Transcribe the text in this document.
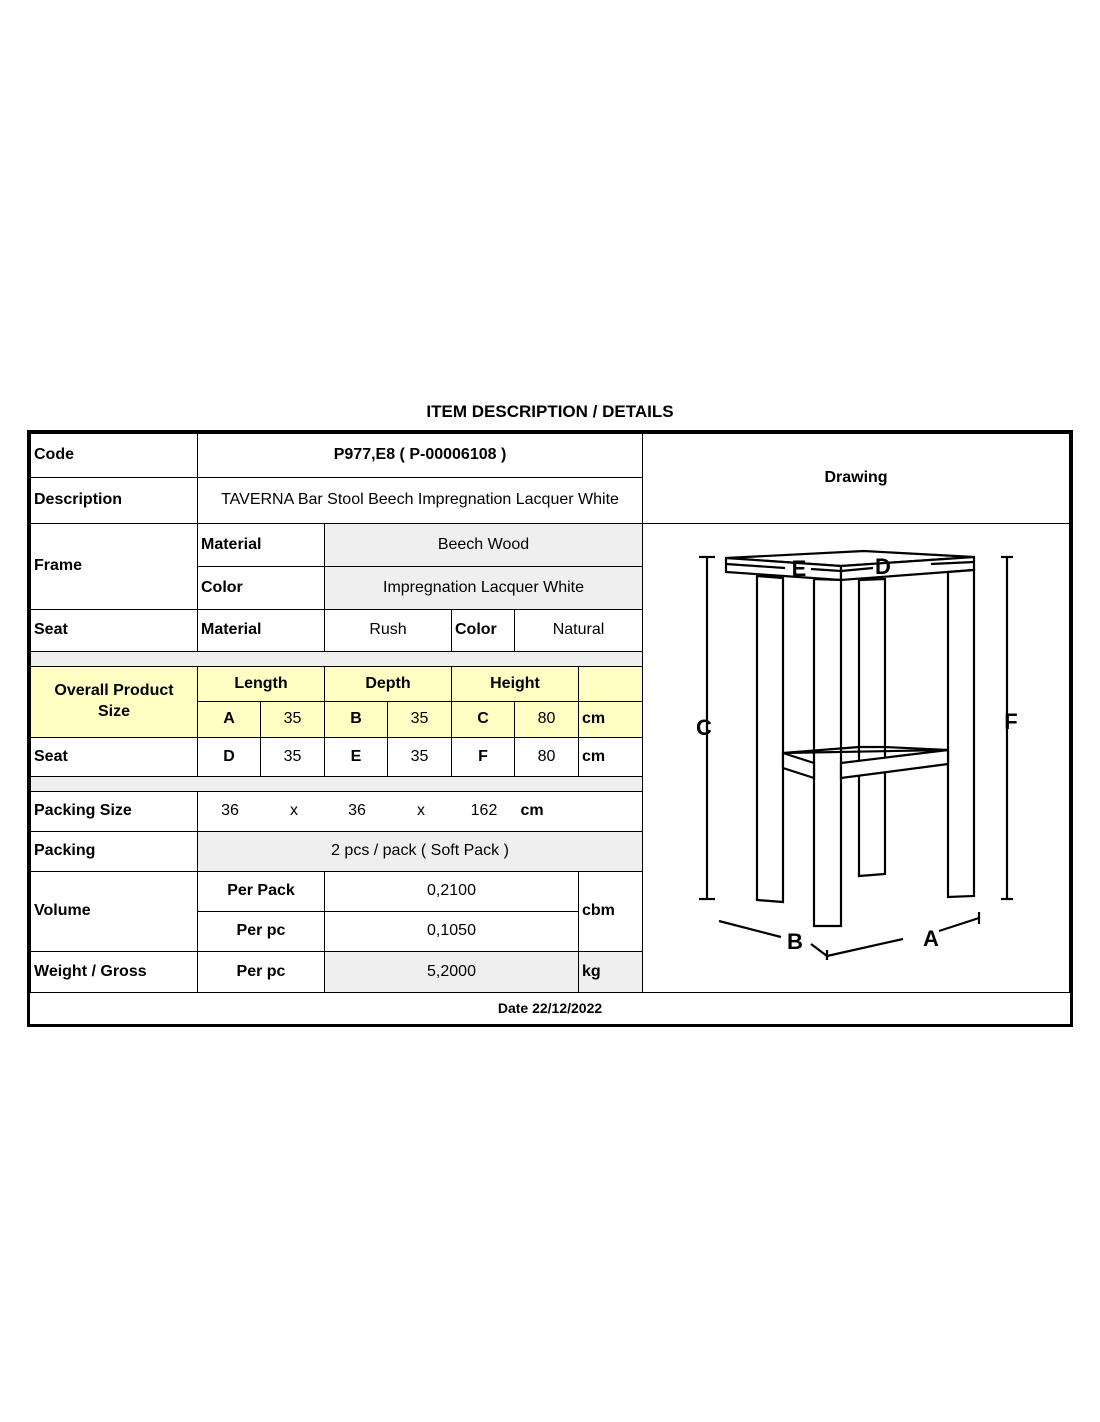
ITEM DESCRIPTION / DETAILS
Code	P977,E8 ( P-00006108 )
Description	TAVERNA Bar Stool Beech Impregnation Lacquer White
Drawing
Frame
Material	Beech Wood
Color	Impregnation Lacquer White
Seat	Material	Rush	Color	Natural
Overall Product Size
Length	Depth	Height
A	35	B	35	C	80	cm
Seat	D	35	E	35	F	80	cm
Packing Size	36	x	36	x	162	cm
Packing	2 pcs / pack ( Soft Pack )
Volume
Per Pack	0,2100
Per pc	0,1050
cbm
Weight / Gross	Per pc	5,2000	kg
C	F
E	D
B	A
Date 22/12/2022
